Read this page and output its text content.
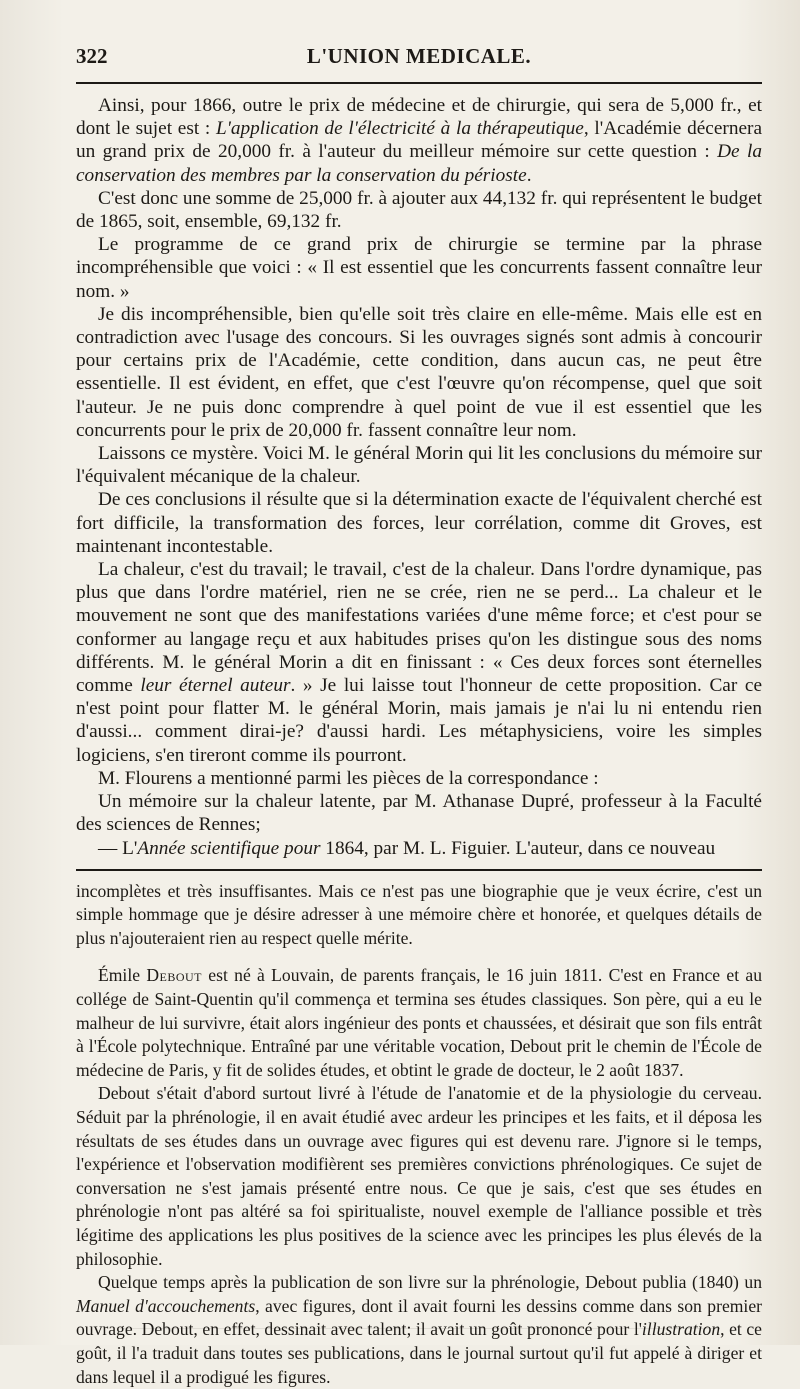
322	L'UNION MEDICALE.

Ainsi, pour 1866, outre le prix de médecine et de chirurgie, qui sera de 5,000 fr., et dont le sujet est : L'application de l'électricité à la thérapeutique, l'Académie décernera un grand prix de 20,000 fr. à l'auteur du meilleur mémoire sur cette question : De la conservation des membres par la conservation du périoste.

C'est donc une somme de 25,000 fr. à ajouter aux 44,132 fr. qui représentent le budget de 1865, soit, ensemble, 69,132 fr.

Le programme de ce grand prix de chirurgie se termine par la phrase incompréhensible que voici : « Il est essentiel que les concurrents fassent connaître leur nom. »

Je dis incompréhensible, bien qu'elle soit très claire en elle-même. Mais elle est en contradiction avec l'usage des concours. Si les ouvrages signés sont admis à concourir pour certains prix de l'Académie, cette condition, dans aucun cas, ne peut être essentielle. Il est évident, en effet, que c'est l'œuvre qu'on récompense, quel que soit l'auteur. Je ne puis donc comprendre à quel point de vue il est essentiel que les concurrents pour le prix de 20,000 fr. fassent connaître leur nom.

Laissons ce mystère. Voici M. le général Morin qui lit les conclusions du mémoire sur l'équivalent mécanique de la chaleur.

De ces conclusions il résulte que si la détermination exacte de l'équivalent cherché est fort difficile, la transformation des forces, leur corrélation, comme dit Groves, est maintenant incontestable.

La chaleur, c'est du travail; le travail, c'est de la chaleur. Dans l'ordre dynamique, pas plus que dans l'ordre matériel, rien ne se crée, rien ne se perd... La chaleur et le mouvement ne sont que des manifestations variées d'une même force; et c'est pour se conformer au langage reçu et aux habitudes prises qu'on les distingue sous des noms différents. M. le général Morin a dit en finissant : « Ces deux forces sont éternelles comme leur éternel auteur. » Je lui laisse tout l'honneur de cette proposition. Car ce n'est point pour flatter M. le général Morin, mais jamais je n'ai lu ni entendu rien d'aussi... comment dirai-je? d'aussi hardi. Les métaphysiciens, voire les simples logiciens, s'en tireront comme ils pourront.

M. Flourens a mentionné parmi les pièces de la correspondance :

Un mémoire sur la chaleur latente, par M. Athanase Dupré, professeur à la Faculté des sciences de Rennes;

— L'Année scientifique pour 1864, par M. L. Figuier. L'auteur, dans ce nouveau

incomplètes et très insuffisantes. Mais ce n'est pas une biographie que je veux écrire, c'est un simple hommage que je désire adresser à une mémoire chère et honorée, et quelques détails de plus n'ajouteraient rien au respect quelle mérite.

Émile Debout est né à Louvain, de parents français, le 16 juin 1811. C'est en France et au collége de Saint-Quentin qu'il commença et termina ses études classiques. Son père, qui a eu le malheur de lui survivre, était alors ingénieur des ponts et chaussées, et désirait que son fils entrât à l'École polytechnique. Entraîné par une véritable vocation, Debout prit le chemin de l'École de médecine de Paris, y fit de solides études, et obtint le grade de docteur, le 2 août 1837.

Debout s'était d'abord surtout livré à l'étude de l'anatomie et de la physiologie du cerveau. Séduit par la phrénologie, il en avait étudié avec ardeur les principes et les faits, et il déposa les résultats de ses études dans un ouvrage avec figures qui est devenu rare. J'ignore si le temps, l'expérience et l'observation modifièrent ses premières convictions phrénologiques. Ce sujet de conversation ne s'est jamais présenté entre nous. Ce que je sais, c'est que ses études en phrénologie n'ont pas altéré sa foi spiritualiste, nouvel exemple de l'alliance possible et très légitime des applications les plus positives de la science avec les principes les plus élevés de la philosophie.

Quelque temps après la publication de son livre sur la phrénologie, Debout publia (1840) un Manuel d'accouchements, avec figures, dont il avait fourni les dessins comme dans son premier ouvrage. Debout, en effet, dessinait avec talent; il avait un goût prononcé pour l'illustration, et ce goût, il l'a traduit dans toutes ses publications, dans le journal surtout qu'il fut appelé à diriger et dans lequel il a prodigué les figures.
